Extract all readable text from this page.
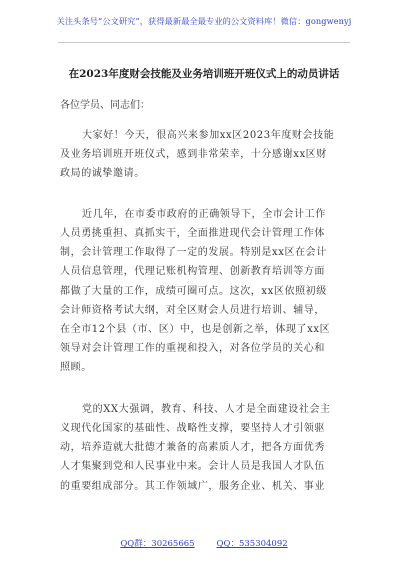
关注头条号“公文研究”，获得最新最全最专业的公文资料库！微信：gongwenyj
在2023年度财会技能及业务培训班开班仪式上的动员讲话
各位学员、同志们：
大家好！今天，很高兴来参加xx区2023年度财会技能
及业务培训班开班仪式，感到非常荣幸，十分感谢xx区财
政局的诚挚邀请。
近几年，在市委市政府的正确领导下，全市会计工作
人员勇挑重担、真抓实干，全面推进现代会计管理工作体
制，会计管理工作取得了一定的发展。特别是xx区在会计
人员信息管理，代理记账机构管理、创新教育培训等方面
都做了大量的工作，成绩可圈可点。这次，xx区依照初级
会计师资格考试大纲，对全区财会人员进行培训、辅导，
在全市12个县（市、区）中，也是创新之举，体现了xx区
领导对会计管理工作的重视和投入，对各位学员的关心和
照顾。
党的XX大强调，教育、科技、人才是全面建设社会主
义现代化国家的基础性、战略性支撑，要坚持人才引领驱
动，培养造就大批德才兼备的高素质人才，把各方面优秀
人才集聚到党和人民事业中来。会计人员是我国人才队伍
的重要组成部分。其工作领域广，服务企业、机关、事业
QQ群：30265665	QQ：535304092
